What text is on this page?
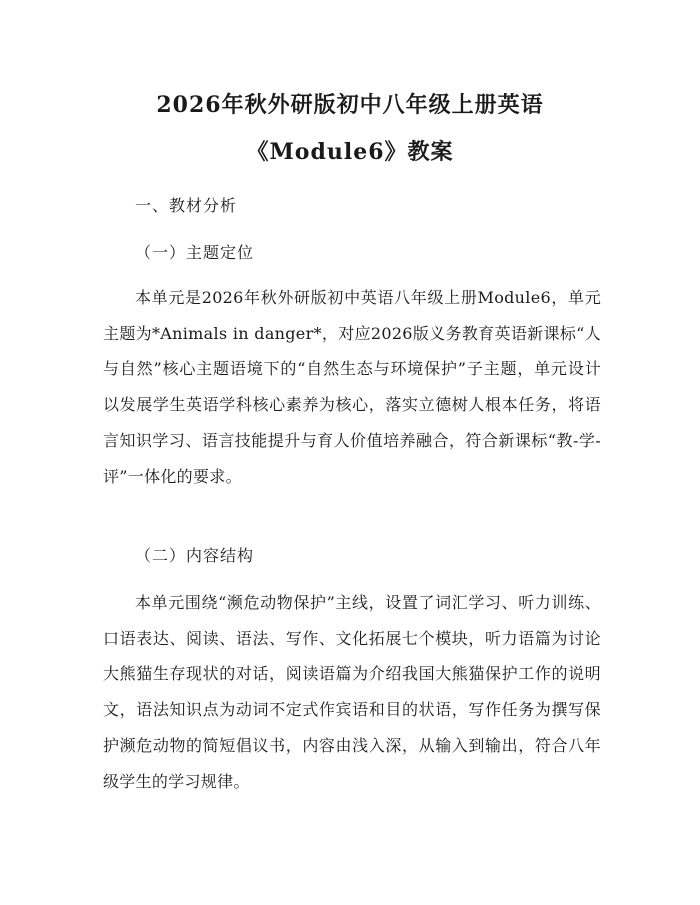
2026年秋外研版初中八年级上册英语
《Module6》教案
一、教材分析
（一）主题定位
本单元是2026年秋外研版初中英语八年级上册Module6，单元主题为*Animals in danger*，对应2026版义务教育英语新课标“人与自然”核心主题语境下的“自然生态与环境保护”子主题，单元设计以发展学生英语学科核心素养为核心，落实立德树人根本任务，将语言知识学习、语言技能提升与育人价值培养融合，符合新课标“教-学-评”一体化的要求。
（二）内容结构
本单元围绕“濒危动物保护”主线，设置了词汇学习、听力训练、口语表达、阅读、语法、写作、文化拓展七个模块，听力语篇为讨论大熊猫生存现状的对话，阅读语篇为介绍我国大熊猫保护工作的说明文，语法知识点为动词不定式作宾语和目的状语，写作任务为撰写保护濒危动物的简短倡议书，内容由浅入深，从输入到输出，符合八年级学生的学习规律。
